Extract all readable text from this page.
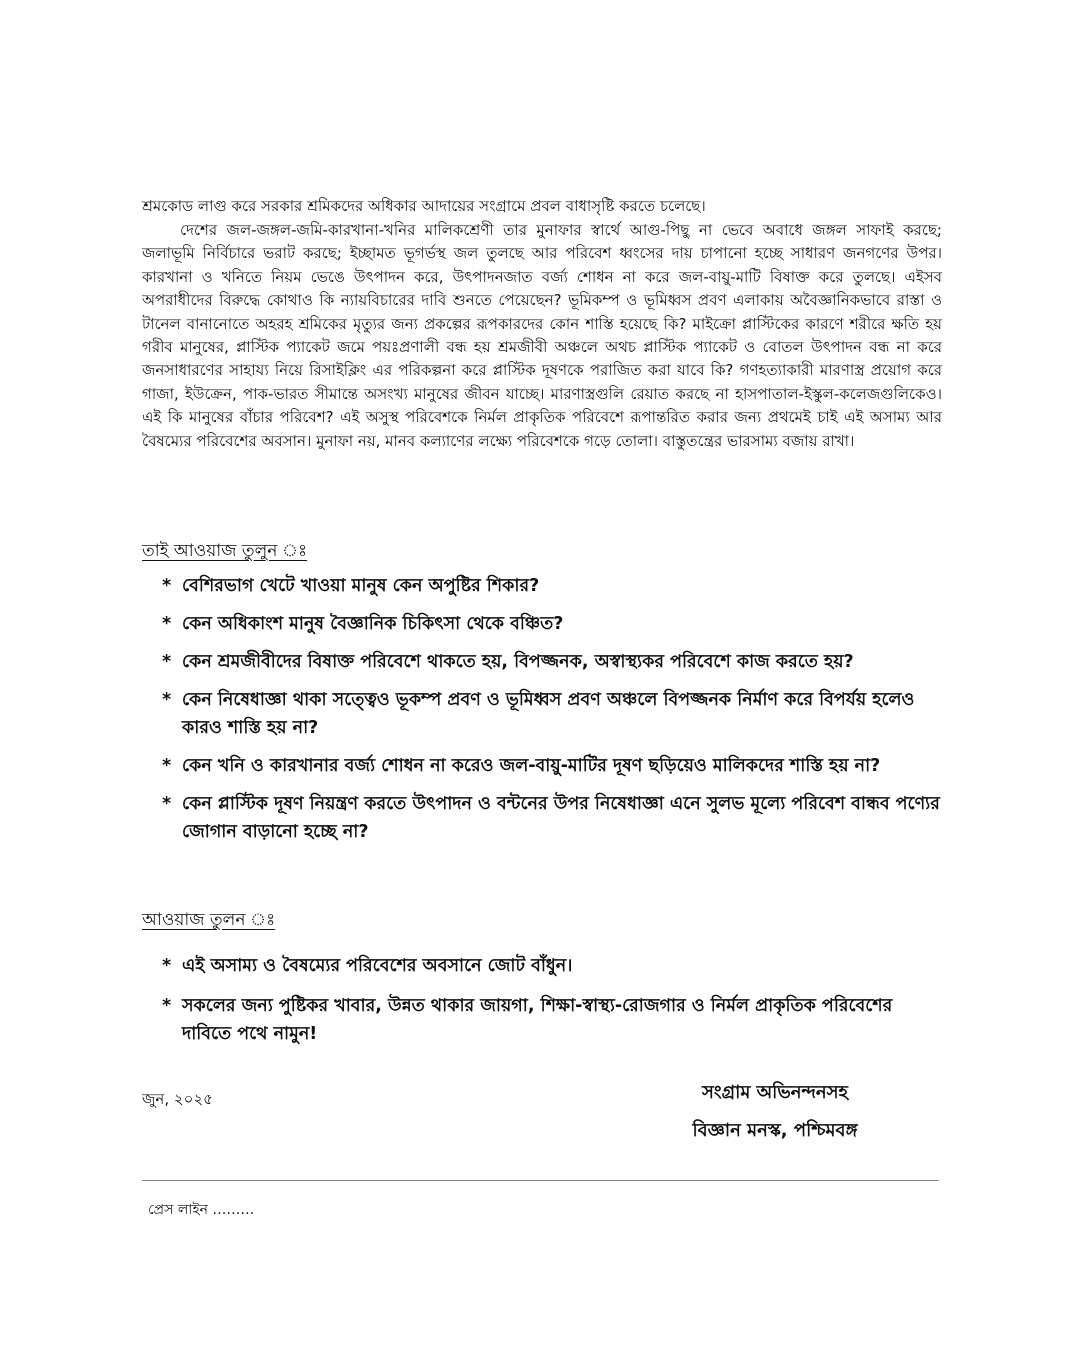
শ্রমকোড লাগু করে সরকার শ্রমিকদের অধিকার আদায়ের সংগ্রামে প্রবল বাধাসৃষ্টি করতে চলেছে।

দেশের জল-জঙ্গল-জমি-কারখানা-খনির মালিকশ্রেণী তার মুনাফার স্বার্থে আগু-পিছু না ভেবে অবাধে জঙ্গল সাফাই করছে; জলাভূমি নির্বিচারে ভরাট করছে; ইচ্ছামত ভূগর্ভস্থ জল তুলছে আর পরিবেশ ধ্বংসের দায় চাপানো হচ্ছে সাধারণ জনগণের উপর। কারখানা ও খনিতে নিয়ম ভেঙে উৎপাদন করে, উৎপাদনজাত বর্জ্য শোধন না করে জল-বায়ু-মাটি বিষাক্ত করে তুলছে। এইসব অপরাধীদের বিরুদ্ধে কোথাও কি ন্যায়বিচারের দাবি শুনতে পেয়েছেন? ভূমিকম্প ও ভূমিধ্বস প্রবণ এলাকায় অবৈজ্ঞানিকভাবে রাস্তা ও টানেল বানানোতে অহরহ শ্রমিকের মৃত্যুর জন্য প্রকল্পের রূপকারদের কোন শাস্তি হয়েছে কি? মাইক্রো প্লাস্টিকের কারণে শরীরে ক্ষতি হয় গরীব মানুষের, প্লাস্টিক প্যাকেট জমে পয়ঃপ্রণালী বন্ধ হয় শ্রমজীবী অঞ্চলে অথচ প্লাস্টিক প্যাকেট ও বোতল উৎপাদন বন্ধ না করে জনসাধারণের সাহায্য নিয়ে রিসাইক্লিং এর পরিকল্পনা করে প্লাস্টিক দূষণকে পরাজিত করা যাবে কি? গণহত্যাকারী মারণাস্ত্র প্রয়োগ করে গাজা, ইউক্রেন, পাক-ভারত সীমান্তে অসংখ্য মানুষের জীবন যাচ্ছে। মারণাস্ত্রগুলি রেয়াত করছে না হাসপাতাল-ইস্কুল-কলেজগুলিকেও। এই কি মানুষের বাঁচার পরিবেশ? এই অসুস্থ পরিবেশকে নির্মল প্রাকৃতিক পরিবেশে রূপান্তরিত করার জন্য প্রথমেই চাই এই অসাম্য আর বৈষম্যের পরিবেশের অবসান। মুনাফা নয়, মানব কল্যাণের লক্ষ্যে পরিবেশকে গড়ে তোলা। বাস্তুতন্ত্রের ভারসাম্য বজায় রাখা।

তাই আওয়াজ তুলুন ঃ
* বেশিরভাগ খেটে খাওয়া মানুষ কেন অপুষ্টির শিকার?
* কেন অধিকাংশ মানুষ বৈজ্ঞানিক চিকিৎসা থেকে বঞ্চিত?
* কেন শ্রমজীবীদের বিষাক্ত পরিবেশে থাকতে হয়, বিপজ্জনক, অস্বাস্থ্যকর পরিবেশে কাজ করতে হয়?
* কেন নিষেধাজ্ঞা থাকা সত্ত্বেও ভূকম্প প্রবণ ও ভূমিধ্বস প্রবণ অঞ্চলে বিপজ্জনক নির্মাণ করে বিপর্যয় হলেও কারও শাস্তি হয় না?
* কেন খনি ও কারখানার বর্জ্য শোধন না করেও জল-বায়ু-মাটির দূষণ ছড়িয়েও মালিকদের শাস্তি হয় না?
* কেন প্লাস্টিক দূষণ নিয়ন্ত্রণ করতে উৎপাদন ও বন্টনের উপর নিষেধাজ্ঞা এনে সুলভ মূল্যে পরিবেশ বান্ধব পণ্যের জোগান বাড়ানো হচ্ছে না?
আওয়াজ তুলন ঃ
* এই অসাম্য ও বৈষম্যের পরিবেশের অবসানে জোট বাঁধুন।
* সকলের জন্য পুষ্টিকর খাবার, উন্নত থাকার জায়গা, শিক্ষা-স্বাস্থ্য-রোজগার ও নির্মল প্রাকৃতিক পরিবেশের দাবিতে পথে নামুন!
জুন, ২০২৫	সংগ্রাম অভিনন্দনসহ
বিজ্ঞান মনস্ক, পশ্চিমবঙ্গ
প্রেস লাইন ………
